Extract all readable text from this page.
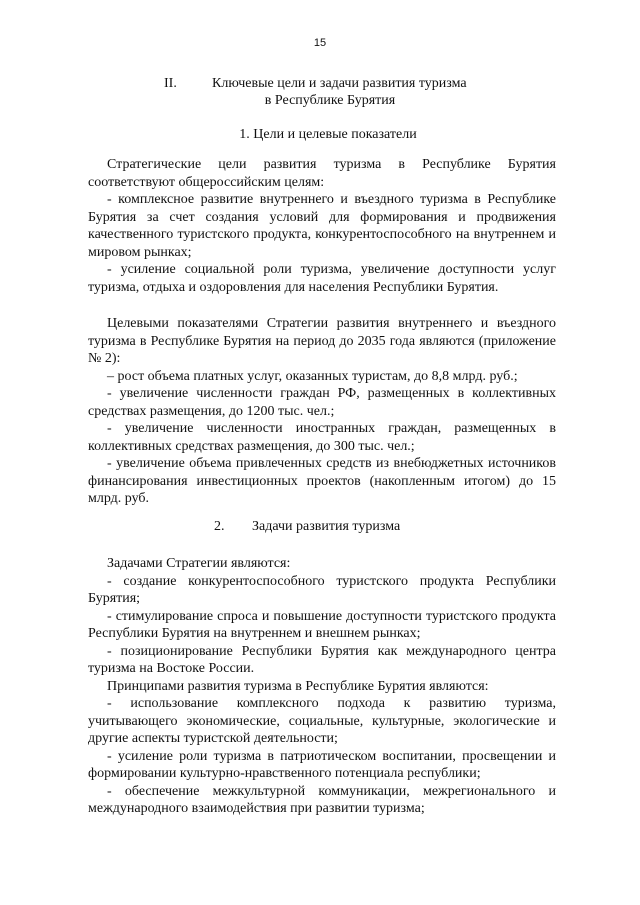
15
II.	Ключевые цели и задачи развития туризма
в Республике Бурятия
1. Цели и целевые показатели

Стратегические цели развития туризма в Республике Бурятия соответствуют общероссийским целям:

- комплексное развитие внутреннего и въездного туризма в Республике Бурятия за счет создания условий для формирования и продвижения качественного туристского продукта, конкурентоспособного на внутреннем и мировом рынках;

- усиление социальной роли туризма, увеличение доступности услуг туризма, отдыха и оздоровления для населения Республики Бурятия.

Целевыми показателями Стратегии развития внутреннего и въездного туризма в Республике Бурятия на период до 2035 года являются (приложение № 2):

– рост объема платных услуг, оказанных туристам, до 8,8 млрд. руб.;

- увеличение численности граждан РФ, размещенных в коллективных средствах размещения, до 1200 тыс. чел.;

- увеличение численности иностранных граждан, размещенных в коллективных средствах размещения, до 300 тыс. чел.;

- увеличение объема привлеченных средств из внебюджетных источников финансирования инвестиционных проектов (накопленным итогом) до 15 млрд. руб.

2. Задачи развития туризма

Задачами Стратегии являются:

- создание конкурентоспособного туристского продукта Республики Бурятия;

- стимулирование спроса и повышение доступности туристского продукта Республики Бурятия на внутреннем и внешнем рынках;

- позиционирование Республики Бурятия как международного центра туризма на Востоке России.

Принципами развития туризма в Республике Бурятия являются:

- использование комплексного подхода к развитию туризма, учитывающего экономические, социальные, культурные, экологические и другие аспекты туристской деятельности;

- усиление роли туризма в патриотическом воспитании, просвещении и формировании культурно-нравственного потенциала республики;

- обеспечение межкультурной коммуникации, межрегионального и международного взаимодействия при развитии туризма;
